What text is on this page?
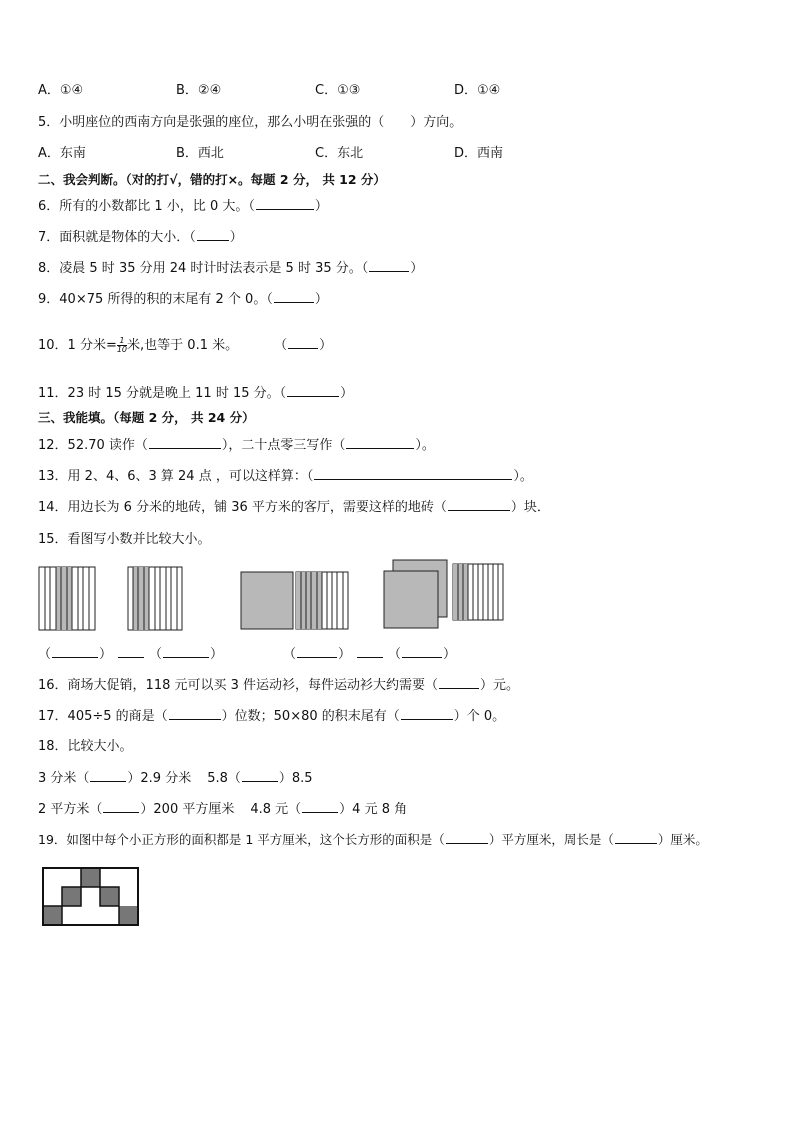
A．①④	B．②④	C．①③	D．①④
5．小明座位的西南方向是张强的座位，那么小明在张强的（　　）方向。
A．东南	B．西北	C．东北	D．西南
二、我会判断。（对的打√，错的打×。每题 2 分， 共 12 分）
6．所有的小数都比 1 小，比 0 大。（	）
7．面积就是物体的大小．（	）
8．凌晨 5 时 35 分用 24 时计时法表示是 5 时 35 分。（	）
9．40×75 所得的积的末尾有 2 个 0。（	）
10．1 分米= $\frac{1}{10}$ 米,也等于 0.1 米。	（ ）
11．23 时 15 分就是晚上 11 时 15 分。（	）
三、我能填。（每题 2 分， 共 24 分）
12．52.70 读作（	），二十点零三写作（	）。
13．用 2、4、6、3 算 24 点 ，可以这样算：（	）。
14．用边长为 6 分米的地砖，铺 36 平方米的客厅，需要这样的地砖（	）块．
15．看图写小数并比较大小。
（	）	（	）	（	）	（	）
16．商场大促销，118 元可以买 3 件运动衫，每件运动衫大约需要（	）元。
17．405÷5 的商是（	）位数；50×80 的积末尾有（	）个 0。
18．比较大小。
3 分米（	）2.9 分米 5.8（	）8.5
2 平方米（	）200 平方厘米 4.8 元（	）4 元 8 角
19．如图中每个小正方形的面积都是 1 平方厘米，这个长方形的面积是（	）平方厘米，周长是（	）厘米。
